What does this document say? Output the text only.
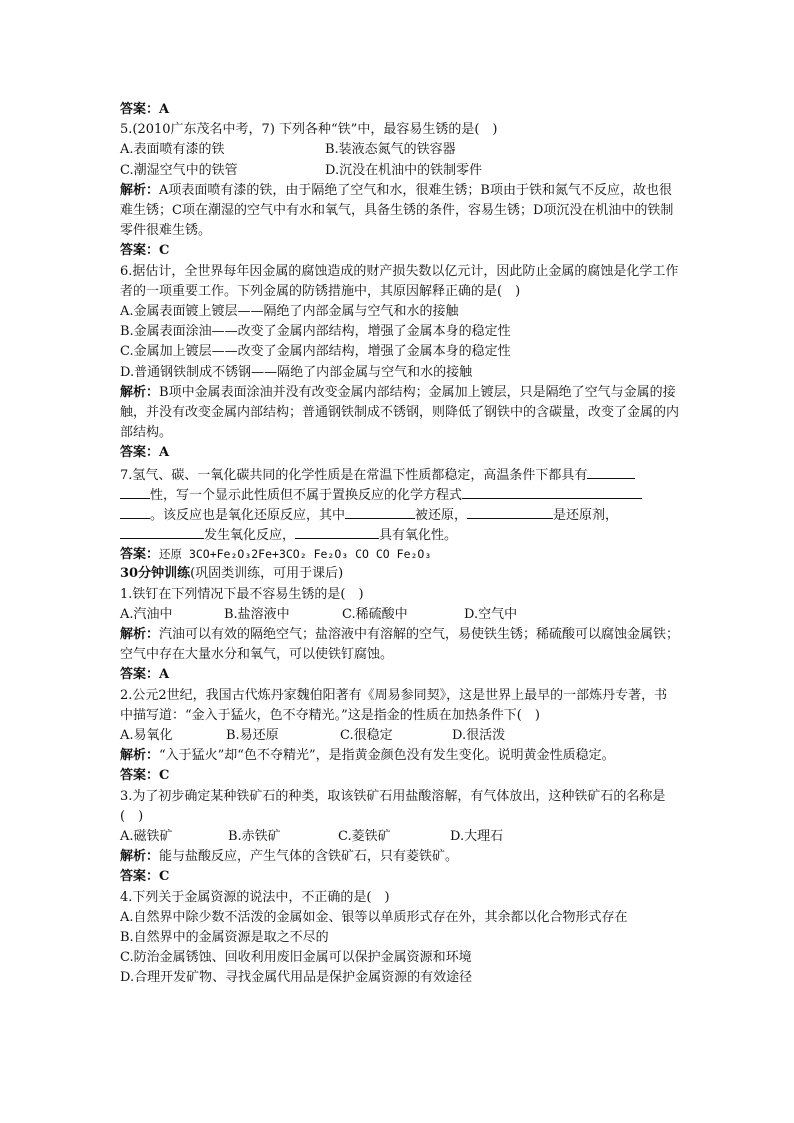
答案：A
5.(2010广东茂名中考，7) 下列各种“铁”中，最容易生锈的是(　)
A.表面喷有漆的铁	B.装液态氮气的铁容器
C.潮湿空气中的铁管	D.沉没在机油中的铁制零件
解析：A项表面喷有漆的铁，由于隔绝了空气和水，很难生锈；B项由于铁和氮气不反应，故也很难生锈；C项在潮湿的空气中有水和氧气，具备生锈的条件，容易生锈；D项沉没在机油中的铁制零件很难生锈。
答案：C
6.据估计，全世界每年因金属的腐蚀造成的财产损失数以亿元计，因此防止金属的腐蚀是化学工作者的一项重要工作。下列金属的防锈措施中，其原因解释正确的是(　)
A.金属表面镀上镀层——隔绝了内部金属与空气和水的接触
B.金属表面涂油——改变了金属内部结构，增强了金属本身的稳定性
C.金属加上镀层——改变了金属内部结构，增强了金属本身的稳定性
D.普通钢铁制成不锈钢——隔绝了内部金属与空气和水的接触
解析：B项中金属表面涂油并没有改变金属内部结构；金属加上镀层，只是隔绝了空气与金属的接触，并没有改变金属内部结构；普通钢铁制成不锈钢，则降低了钢铁中的含碳量，改变了金属的内部结构。
答案：A
7.氢气、碳、一氧化碳共同的化学性质是在常温下性质都稳定，高温条件下都具有
性，写一个显示此性质但不属于置换反应的化学方程式
。该反应也是氧化还原反应，其中	被还原，	是还原剂，
发生氧化反应，	具有氧化性。
答案：还原 3CO+Fe₂O₃2Fe+3CO₂ Fe₂O₃ CO CO Fe₂O₃
30分钟训练(巩固类训练，可用于课后)
1.铁钉在下列情况下最不容易生锈的是(　)
A.汽油中	B.盐溶液中	C.稀硫酸中	D.空气中
解析：汽油可以有效的隔绝空气；盐溶液中有溶解的空气，易使铁生锈；稀硫酸可以腐蚀金属铁；空气中存在大量水分和氧气，可以使铁钉腐蚀。
答案：A
2.公元2世纪，我国古代炼丹家魏伯阳著有《周易参同契》，这是世界上最早的一部炼丹专著，书中描写道：“金入于猛火，色不夺精光。”这是指金的性质在加热条件下(　)
A.易氧化	B.易还原	C.很稳定	D.很活泼
解析：“入于猛火”却“色不夺精光”，是指黄金颜色没有发生变化。说明黄金性质稳定。
答案：C
3.为了初步确定某种铁矿石的种类，取该铁矿石用盐酸溶解，有气体放出，这种铁矿石的名称是(　)
A.磁铁矿	B.赤铁矿	C.菱铁矿	D.大理石
解析：能与盐酸反应，产生气体的含铁矿石，只有菱铁矿。
答案：C
4.下列关于金属资源的说法中，不正确的是(　)
A.自然界中除少数不活泼的金属如金、银等以单质形式存在外，其余都以化合物形式存在
B.自然界中的金属资源是取之不尽的
C.防治金属锈蚀、回收利用废旧金属可以保护金属资源和环境
D.合理开发矿物、寻找金属代用品是保护金属资源的有效途径
